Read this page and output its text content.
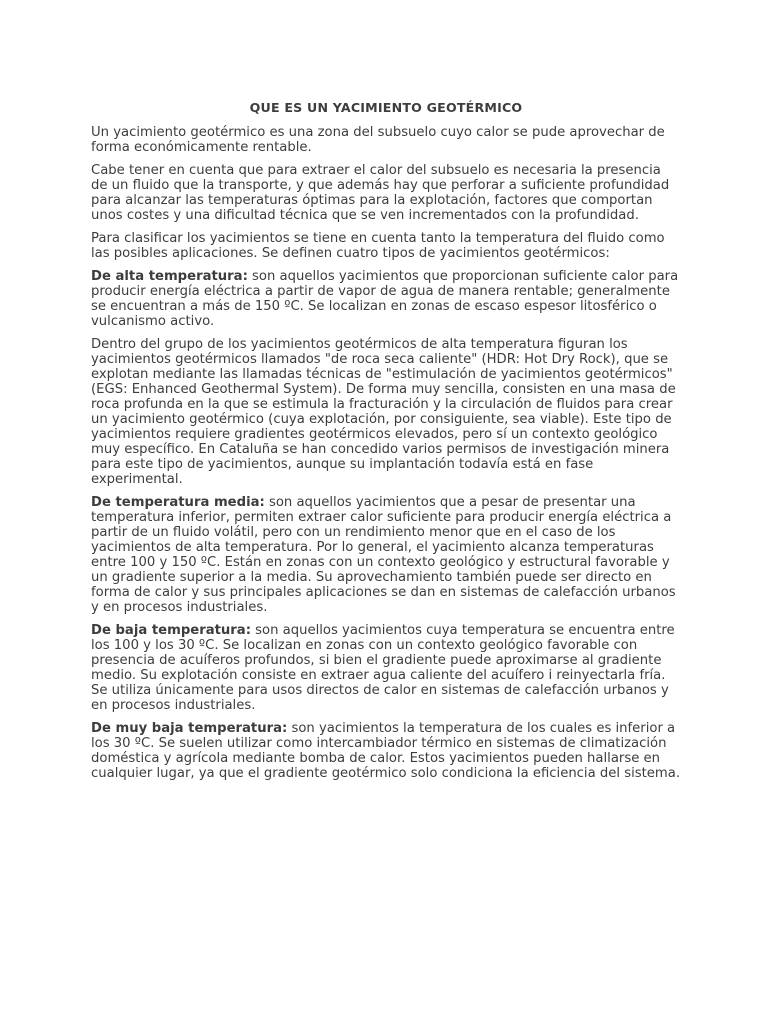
QUE ES UN YACIMIENTO GEOTÉRMICO

Un yacimiento geotérmico es una zona del subsuelo cuyo calor se pude aprovechar de forma económicamente rentable.

Cabe tener en cuenta que para extraer el calor del subsuelo es necesaria la presencia de un fluido que la transporte, y que además hay que perforar a suficiente profundidad para alcanzar las temperaturas óptimas para la explotación, factores que comportan unos costes y una dificultad técnica que se ven incrementados con la profundidad.

Para clasificar los yacimientos se tiene en cuenta tanto la temperatura del fluido como las posibles aplicaciones. Se definen cuatro tipos de yacimientos geotérmicos:

De alta temperatura: son aquellos yacimientos que proporcionan suficiente calor para producir energía eléctrica a partir de vapor de agua de manera rentable; generalmente se encuentran a más de 150 ºC. Se localizan en zonas de escaso espesor litosférico o vulcanismo activo.

Dentro del grupo de los yacimientos geotérmicos de alta temperatura figuran los yacimientos geotérmicos llamados "de roca seca caliente" (HDR: Hot Dry Rock), que se explotan mediante las llamadas técnicas de "estimulación de yacimientos geotérmicos" (EGS: Enhanced Geothermal System). De forma muy sencilla, consisten en una masa de roca profunda en la que se estimula la fracturación y la circulación de fluidos para crear un yacimiento geotérmico (cuya explotación, por consiguiente, sea viable). Este tipo de yacimientos requiere gradientes geotérmicos elevados, pero sí un contexto geológico muy específico. En Cataluña se han concedido varios permisos de investigación minera para este tipo de yacimientos, aunque su implantación todavía está en fase experimental.

De temperatura media: son aquellos yacimientos que a pesar de presentar una temperatura inferior, permiten extraer calor suficiente para producir energía eléctrica a partir de un fluido volátil, pero con un rendimiento menor que en el caso de los yacimientos de alta temperatura. Por lo general, el yacimiento alcanza temperaturas entre 100 y 150 ºC. Están en zonas con un contexto geológico y estructural favorable y un gradiente superior a la media. Su aprovechamiento también puede ser directo en forma de calor y sus principales aplicaciones se dan en sistemas de calefacción urbanos y en procesos industriales.

De baja temperatura: son aquellos yacimientos cuya temperatura se encuentra entre los 100 y los 30 ºC. Se localizan en zonas con un contexto geológico favorable con presencia de acuíferos profundos, si bien el gradiente puede aproximarse al gradiente medio. Su explotación consiste en extraer agua caliente del acuífero i reinyectarla fría. Se utiliza únicamente para usos directos de calor en sistemas de calefacción urbanos y en procesos industriales.

De muy baja temperatura: son yacimientos la temperatura de los cuales es inferior a los 30 ºC. Se suelen utilizar como intercambiador térmico en sistemas de climatización doméstica y agrícola mediante bomba de calor. Estos yacimientos pueden hallarse en cualquier lugar, ya que el gradiente geotérmico solo condiciona la eficiencia del sistema.
